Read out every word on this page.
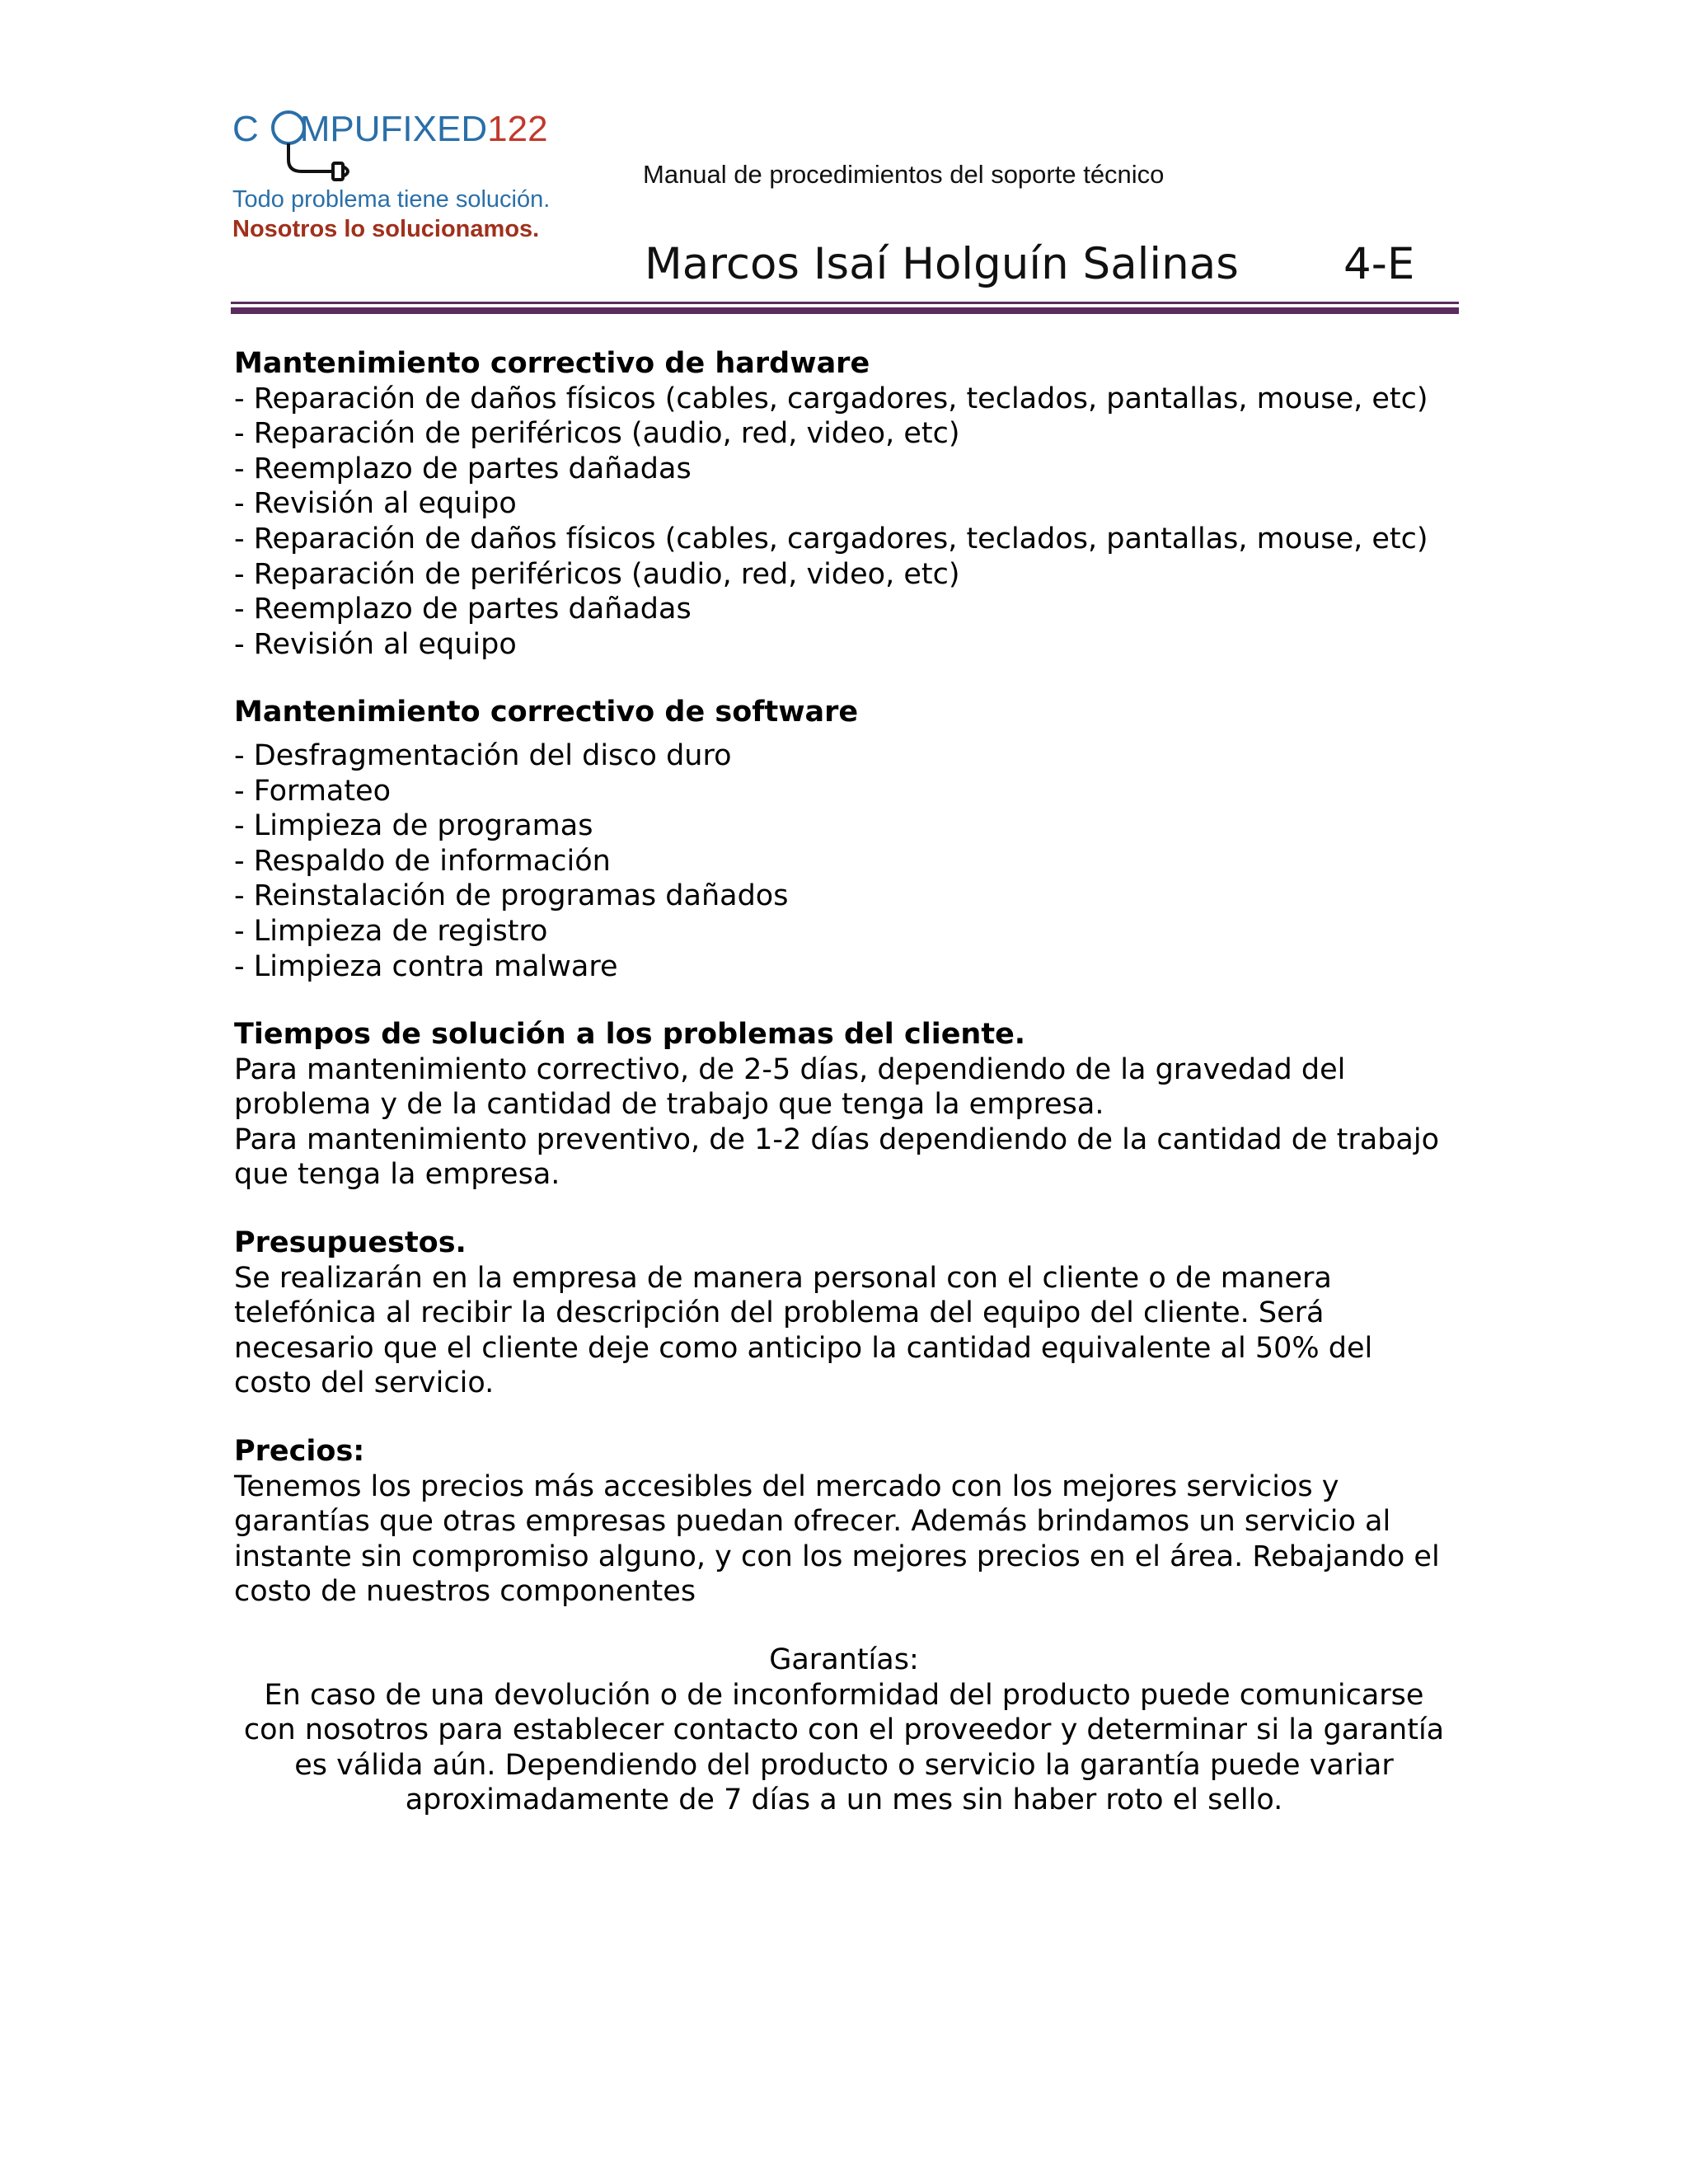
C MPUFIXED122
Todo problema tiene solución.
Nosotros lo solucionamos.
Manual de procedimientos del soporte técnico
Marcos Isaí Holguín Salinas 4-E
Mantenimiento correctivo de hardware
- Reparación de daños físicos (cables, cargadores, teclados, pantallas, mouse, etc)
- Reparación de periféricos (audio, red, video, etc)
- Reemplazo de partes dañadas
- Revisión al equipo
- Reparación de daños físicos (cables, cargadores, teclados, pantallas, mouse, etc)
- Reparación de periféricos (audio, red, video, etc)
- Reemplazo de partes dañadas
- Revisión al equipo
Mantenimiento correctivo de software
- Desfragmentación del disco duro
- Formateo
- Limpieza de programas
- Respaldo de información
- Reinstalación de programas dañados
- Limpieza de registro
- Limpieza contra malware
Tiempos de solución a los problemas del cliente.

Para mantenimiento correctivo, de 2-5 días, dependiendo de la gravedad del problema y de la cantidad de trabajo que tenga la empresa.

Para mantenimiento preventivo, de 1-2 días dependiendo de la cantidad de trabajo que tenga la empresa.

Presupuestos.

Se realizarán en la empresa de manera personal con el cliente o de manera telefónica al recibir la descripción del problema del equipo del cliente. Será necesario que el cliente deje como anticipo la cantidad equivalente al 50% del costo del servicio.

Precios:

Tenemos los precios más accesibles del mercado con los mejores servicios y garantías que otras empresas puedan ofrecer. Además brindamos un servicio al instante sin compromiso alguno, y con los mejores precios en el área. Rebajando el costo de nuestros componentes

Garantías:

En caso de una devolución o de inconformidad del producto puede comunicarse con nosotros para establecer contacto con el proveedor y determinar si la garantía es válida aún. Dependiendo del producto o servicio la garantía puede variar aproximadamente de 7 días a un mes sin haber roto el sello.
